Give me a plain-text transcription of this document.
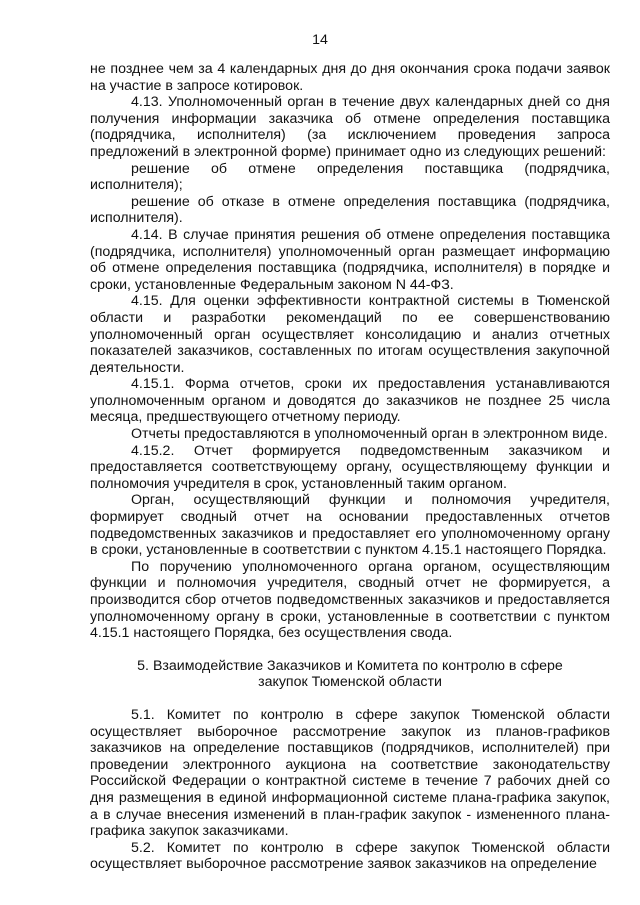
14

не позднее чем за 4 календарных дня до дня окончания срока подачи заявок на участие в запросе котировок.

4.13. Уполномоченный орган в течение двух календарных дней со дня получения информации заказчика об отмене определения поставщика (подрядчика, исполнителя) (за исключением проведения запроса предложений в электронной форме) принимает одно из следующих решений:

решение об отмене определения поставщика (подрядчика, исполнителя);

решение об отказе в отмене определения поставщика (подрядчика, исполнителя).

4.14. В случае принятия решения об отмене определения поставщика (подрядчика, исполнителя) уполномоченный орган размещает информацию об отмене определения поставщика (подрядчика, исполнителя) в порядке и сроки, установленные Федеральным законом N 44-ФЗ.

4.15. Для оценки эффективности контрактной системы в Тюменской области и разработки рекомендаций по ее совершенствованию уполномоченный орган осуществляет консолидацию и анализ отчетных показателей заказчиков, составленных по итогам осуществления закупочной деятельности.

4.15.1. Форма отчетов, сроки их предоставления устанавливаются уполномоченным органом и доводятся до заказчиков не позднее 25 числа месяца, предшествующего отчетному периоду.

Отчеты предоставляются в уполномоченный орган в электронном виде.

4.15.2. Отчет формируется подведомственным заказчиком и предоставляется соответствующему органу, осуществляющему функции и полномочия учредителя в срок, установленный таким органом.

Орган, осуществляющий функции и полномочия учредителя, формирует сводный отчет на основании предоставленных отчетов подведомственных заказчиков и предоставляет его уполномоченному органу в сроки, установленные в соответствии с пунктом 4.15.1 настоящего Порядка.

По поручению уполномоченного органа органом, осуществляющим функции и полномочия учредителя, сводный отчет не формируется, а производится сбор отчетов подведомственных заказчиков и предоставляется уполномоченному органу в сроки, установленные в соответствии с пунктом 4.15.1 настоящего Порядка, без осуществления свода.

5. Взаимодействие Заказчиков и Комитета по контролю в сфере

закупок Тюменской области

5.1. Комитет по контролю в сфере закупок Тюменской области осуществляет выборочное рассмотрение закупок из планов-графиков заказчиков на определение поставщиков (подрядчиков, исполнителей) при проведении электронного аукциона на соответствие законодательству Российской Федерации о контрактной системе в течение 7 рабочих дней со дня размещения в единой информационной системе плана-графика закупок, а в случае внесения изменений в план-график закупок - измененного плана-графика закупок заказчиками.

5.2. Комитет по контролю в сфере закупок Тюменской области осуществляет выборочное рассмотрение заявок заказчиков на определение
